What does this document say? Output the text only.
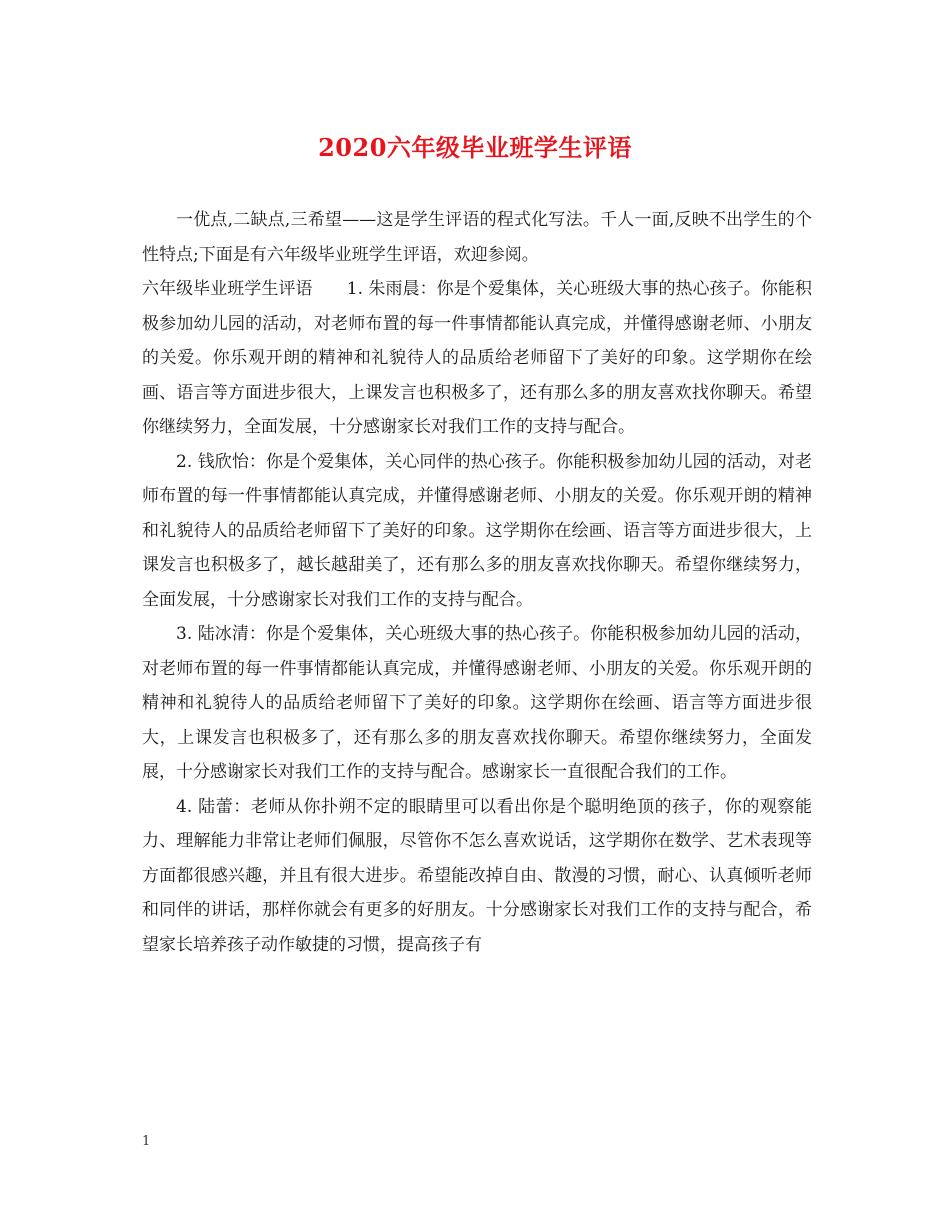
2020六年级毕业班学生评语

一优点,二缺点,三希望——这是学生评语的程式化写法。千人一面,反映不出学生的个性特点;下面是有六年级毕业班学生评语，欢迎参阅。

六年级毕业班学生评语　　1. 朱雨晨：你是个爱集体，关心班级大事的热心孩子。你能积极参加幼儿园的活动，对老师布置的每一件事情都能认真完成，并懂得感谢老师、小朋友的关爱。你乐观开朗的精神和礼貌待人的品质给老师留下了美好的印象。这学期你在绘画、语言等方面进步很大，上课发言也积极多了，还有那么多的朋友喜欢找你聊天。希望你继续努力，全面发展，十分感谢家长对我们工作的支持与配合。

2. 钱欣怡：你是个爱集体，关心同伴的热心孩子。你能积极参加幼儿园的活动，对老师布置的每一件事情都能认真完成，并懂得感谢老师、小朋友的关爱。你乐观开朗的精神和礼貌待人的品质给老师留下了美好的印象。这学期你在绘画、语言等方面进步很大，上课发言也积极多了，越长越甜美了，还有那么多的朋友喜欢找你聊天。希望你继续努力，全面发展，十分感谢家长对我们工作的支持与配合。

3. 陆冰清：你是个爱集体，关心班级大事的热心孩子。你能积极参加幼儿园的活动，对老师布置的每一件事情都能认真完成，并懂得感谢老师、小朋友的关爱。你乐观开朗的精神和礼貌待人的品质给老师留下了美好的印象。这学期你在绘画、语言等方面进步很大，上课发言也积极多了，还有那么多的朋友喜欢找你聊天。希望你继续努力，全面发展，十分感谢家长对我们工作的支持与配合。感谢家长一直很配合我们的工作。

4. 陆蕾：老师从你扑朔不定的眼睛里可以看出你是个聪明绝顶的孩子，你的观察能力、理解能力非常让老师们佩服，尽管你不怎么喜欢说话，这学期你在数学、艺术表现等方面都很感兴趣，并且有很大进步。希望能改掉自由、散漫的习惯，耐心、认真倾听老师和同伴的讲话，那样你就会有更多的好朋友。十分感谢家长对我们工作的支持与配合，希望家长培养孩子动作敏捷的习惯，提高孩子有

1
